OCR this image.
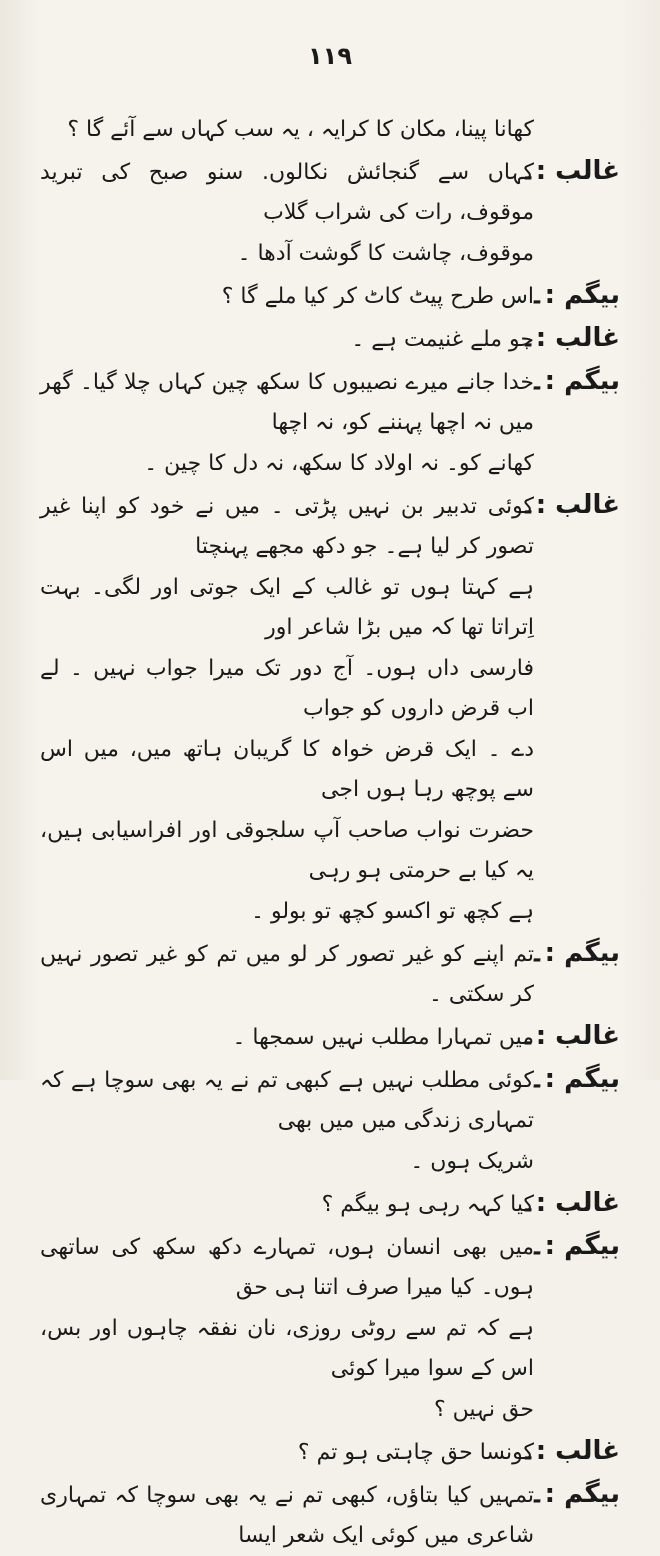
۱۱۹
کھانا پینا، مکان کا کرایہ ، یہ سب کہاں سے آئے گا ؟
غالب :۔
کہاں سے گنجائش نکالوں. سنو صبح کی تبرید موقوف، رات کی شراب گلاب
موقوف، چاشت کا گوشت آدھا ۔
بیگم :۔
اس طرح پیٹ کاٹ کر کیا ملے گا ؟
غالب :۔
جو ملے غنیمت ہے ۔
بیگم :۔
خدا جانے میرے نصیبوں کا سکھ چین کہاں چلا گیا۔ گھر میں نہ اچھا پہننے کو، نہ اچھا
کھانے کو۔ نہ اولاد کا سکھ، نہ دل کا چین ۔
غالب :۔
کوئی تدبیر بن نہیں پڑتی ۔ میں نے خود کو اپنا غیر تصور کر لیا ہے۔ جو دکھ مجھے پہنچتا
ہے کہتا ہوں تو غالب کے ایک جوتی اور لگی۔ بہت اِتراتا تھا کہ میں بڑا شاعر اور
فارسی داں ہوں۔ آج دور تک میرا جواب نہیں ۔ لے اب قرض داروں کو جواب
دے ۔ ایک قرض خواہ کا گریبان ہاتھ میں، میں اس سے پوچھ رہا ہوں اجی
حضرت نواب صاحب آپ سلجوقی اور افراسیابی ہیں، یہ کیا بے حرمتی ہو رہی
ہے کچھ تو اکسو کچھ تو بولو ۔
بیگم :۔
تم اپنے کو غیر تصور کر لو میں تم کو غیر تصور نہیں کر سکتی ۔
غالب :۔
میں تمہارا مطلب نہیں سمجھا ۔
بیگم :۔
کوئی مطلب نہیں ہے کبھی تم نے یہ بھی سوچا ہے کہ تمہاری زندگی میں میں بھی
شریک ہوں ۔
غالب :۔
کیا کہہ رہی ہو بیگم ؟
بیگم :۔
میں بھی انسان ہوں، تمہارے دکھ سکھ کی ساتھی ہوں۔ کیا میرا صرف اتنا ہی حق
ہے کہ تم سے روٹی روزی، نان نفقہ چاہوں اور بس، اس کے سوا میرا کوئی
حق نہیں ؟
غالب :۔
کونسا حق چاہتی ہو تم ؟
بیگم :۔
تمہیں کیا بتاؤں، کبھی تم نے یہ بھی سوچا کہ تمہاری شاعری میں کوئی ایک شعر ایسا
